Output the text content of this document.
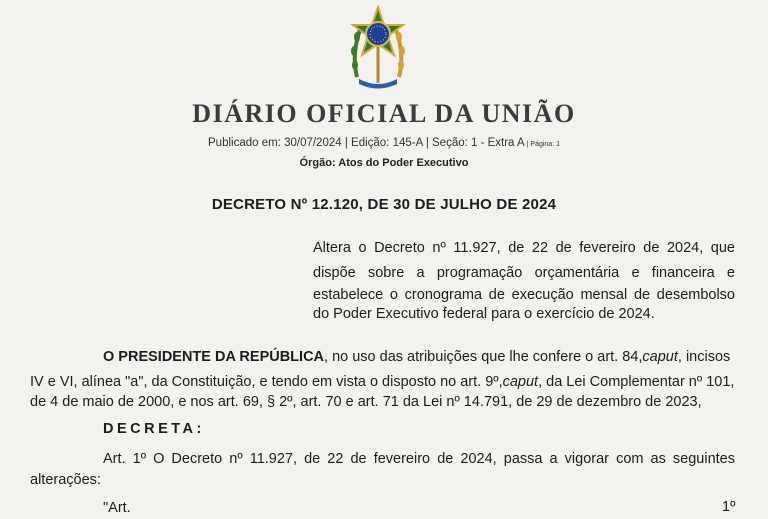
DIÁRIO OFICIAL DA UNIÃO
Publicado em: 30/07/2024 | Edição: 145-A | Seção: 1 - Extra A | Página: 1
Órgão: Atos do Poder Executivo
DECRETO Nº 12.120, DE 30 DE JULHO DE 2024
Altera o Decreto nº 11.927, de 22 de fevereiro de 2024, que
dispõe sobre a programação orçamentária e financeira e
estabelece o cronograma de execução mensal de desembolso
do Poder Executivo federal para o exercício de 2024.
O PRESIDENTE DA REPÚBLICA, no uso das atribuições que lhe confere o art. 84,caput, incisos
IV e VI, alínea "a", da Constituição, e tendo em vista o disposto no art. 9º,caput, da Lei Complementar nº 101,
de 4 de maio de 2000, e nos art. 69, § 2º, art. 70 e art. 71 da Lei nº 14.791, de 29 de dezembro de 2023,
DECRETA:
Art. 1º O Decreto nº 11.927, de 22 de fevereiro de 2024, passa a vigorar com as seguintes
alterações:
"Art.	1º
